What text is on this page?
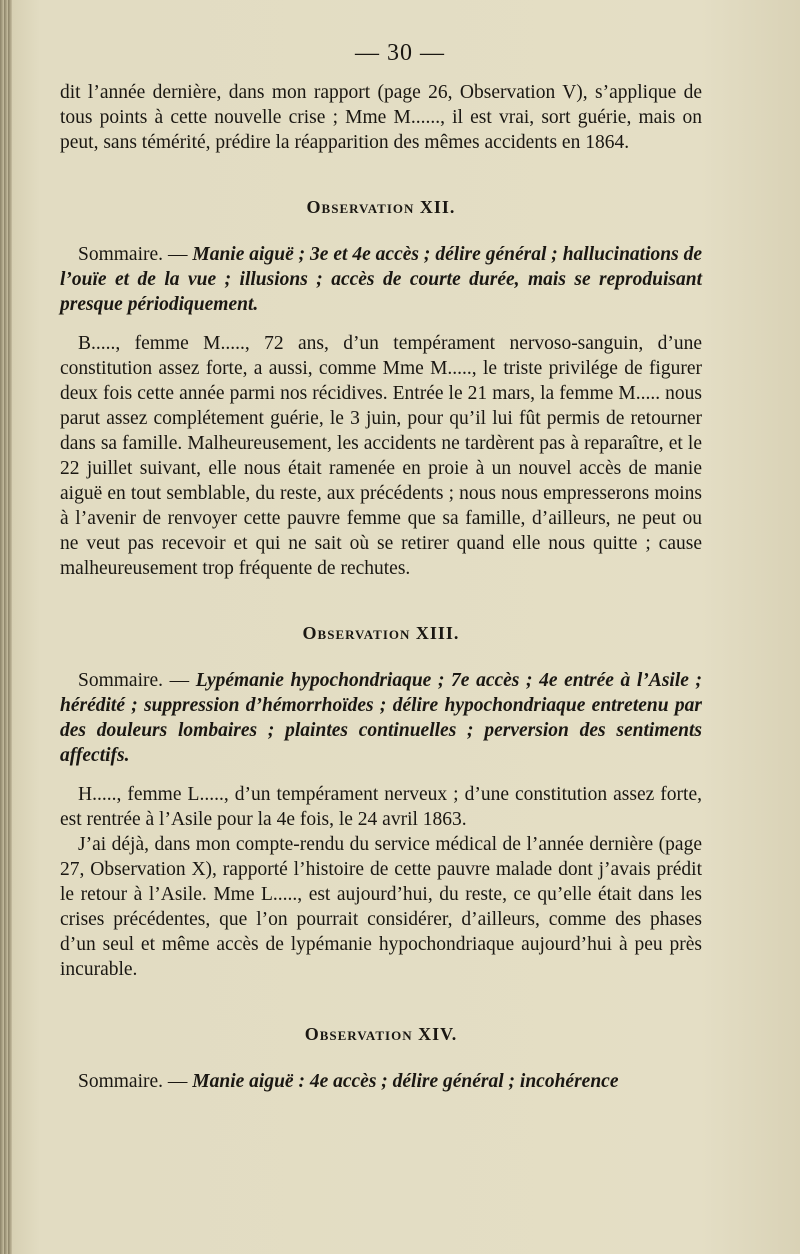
— 30 —

dit l’année dernière, dans mon rapport (page 26, Observation V), s’applique de tous points à cette nouvelle crise ; Mme M......, il est vrai, sort guérie, mais on peut, sans témérité, prédire la réapparition des mêmes accidents en 1864.

Observation XII.

Sommaire. — Manie aiguë ; 3e et 4e accès ; délire général ; hallucinations de l’ouïe et de la vue ; illusions ; accès de courte durée, mais se reproduisant presque périodiquement.

B....., femme M....., 72 ans, d’un tempérament nervoso-sanguin, d’une constitution assez forte, a aussi, comme Mme M....., le triste privilége de figurer deux fois cette année parmi nos récidives. Entrée le 21 mars, la femme M..... nous parut assez complétement guérie, le 3 juin, pour qu’il lui fût permis de retourner dans sa famille. Malheureusement, les accidents ne tardèrent pas à reparaître, et le 22 juillet suivant, elle nous était ramenée en proie à un nouvel accès de manie aiguë en tout semblable, du reste, aux précédents ; nous nous empresserons moins à l’avenir de renvoyer cette pauvre femme que sa famille, d’ailleurs, ne peut ou ne veut pas recevoir et qui ne sait où se retirer quand elle nous quitte ; cause malheureusement trop fréquente de rechutes.

Observation XIII.

Sommaire. — Lypémanie hypochondriaque ; 7e accès ; 4e entrée à l’Asile ; hérédité ; suppression d’hémorrhoïdes ; délire hypochondriaque entretenu par des douleurs lombaires ; plaintes continuelles ; perversion des sentiments affectifs.

H....., femme L....., d’un tempérament nerveux ; d’une constitution assez forte, est rentrée à l’Asile pour la 4e fois, le 24 avril 1863.

J’ai déjà, dans mon compte-rendu du service médical de l’année dernière (page 27, Observation X), rapporté l’histoire de cette pauvre malade dont j’avais prédit le retour à l’Asile. Mme L....., est aujourd’hui, du reste, ce qu’elle était dans les crises précédentes, que l’on pourrait considérer, d’ailleurs, comme des phases d’un seul et même accès de lypémanie hypochondriaque aujourd’hui à peu près incurable.

Observation XIV.

Sommaire. — Manie aiguë : 4e accès ; délire général ; incohérence
